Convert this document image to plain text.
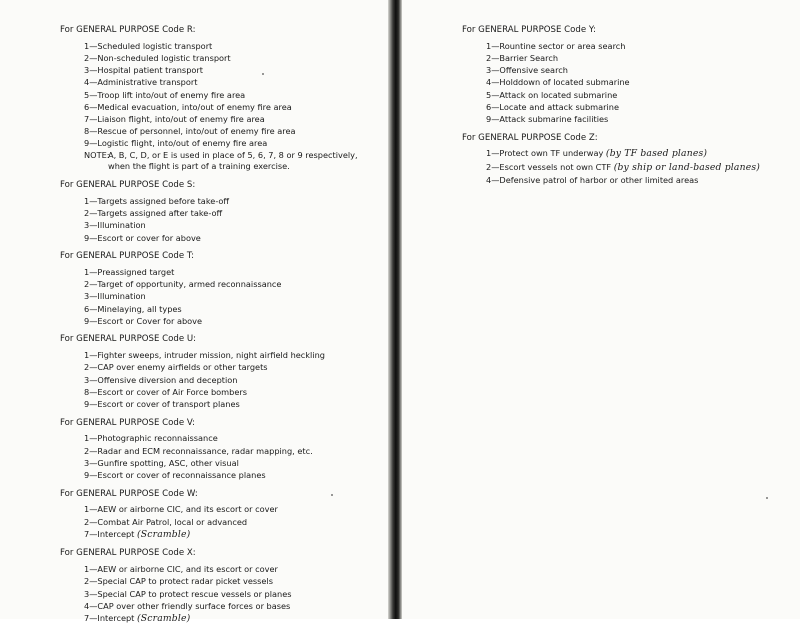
For GENERAL PURPOSE Code R:
1—Scheduled logistic transport
2—Non-scheduled logistic transport
3—Hospital patient transport
4—Administrative transport
5—Troop lift into/out of enemy fire area
6—Medical evacuation, into/out of enemy fire area
7—Liaison flight, into/out of enemy fire area
8—Rescue of personnel, into/out of enemy fire area
9—Logistic flight, into/out of enemy fire area
NOTE:
A, B, C, D, or E is used in place of 5, 6, 7, 8 or 9 respectively, when the flight is part of a training exercise.
For GENERAL PURPOSE Code S:
1—Targets assigned before take-off
2—Targets assigned after take-off
3—Illumination
9—Escort or cover for above
For GENERAL PURPOSE Code T:
1—Preassigned target
2—Target of opportunity, armed reconnaissance
3—Illumination
6—Minelaying, all types
9—Escort or Cover for above
For GENERAL PURPOSE Code U:
1—Fighter sweeps, intruder mission, night airfield heckling
2—CAP over enemy airfields or other targets
3—Offensive diversion and deception
8—Escort or cover of Air Force bombers
9—Escort or cover of transport planes
For GENERAL PURPOSE Code V:
1—Photographic reconnaissance
2—Radar and ECM reconnaissance, radar mapping, etc.
3—Gunfire spotting, ASC, other visual
9—Escort or cover of reconnaissance planes
For GENERAL PURPOSE Code W:
1—AEW or airborne CIC, and its escort or cover
2—Combat Air Patrol, local or advanced
7—Intercept (Scramble)
For GENERAL PURPOSE Code X:
1—AEW or airborne CIC, and its escort or cover
2—Special CAP to protect radar picket vessels
3—Special CAP to protect rescue vessels or planes
4—CAP over other friendly surface forces or bases
7—Intercept (Scramble)
For GENERAL PURPOSE Code Y:
1—Rountine sector or area search
2—Barrier Search
3—Offensive search
4—Holddown of located submarine
5—Attack on located submarine
6—Locate and attack submarine
9—Attack submarine facilities
For GENERAL PURPOSE Code Z:
1—Protect own TF underway (by TF based planes)
2—Escort vessels not own CTF (by ship or land-based planes)
4—Defensive patrol of harbor or other limited areas
